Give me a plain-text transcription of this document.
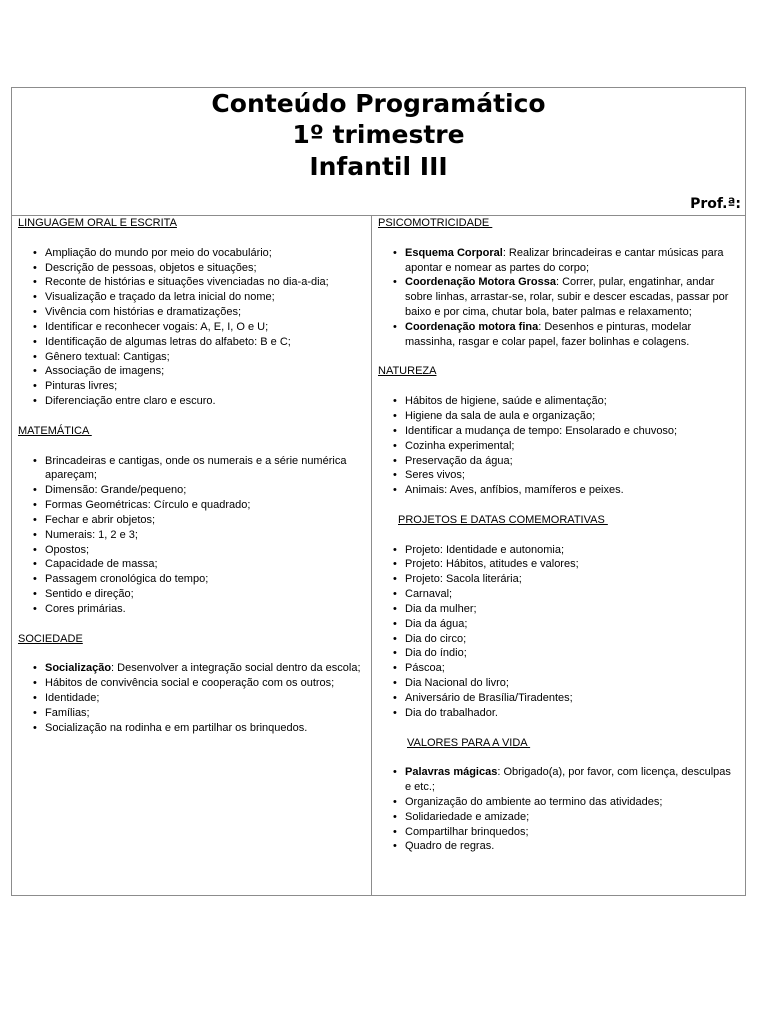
Conteúdo Programático
1º trimestre
Infantil III
Prof.ª:
LINGUAGEM ORAL E ESCRITA
• Ampliação do mundo por meio do vocabulário;
• Descrição de pessoas, objetos e situações;
• Reconte de histórias e situações vivenciadas no dia-a-dia;
• Visualização e traçado da letra inicial do nome;
• Vivência com histórias e dramatizações;
• Identificar e reconhecer vogais: A, E, I, O e U;
• Identificação de algumas letras do alfabeto: B e C;
• Gênero textual: Cantigas;
• Associação de imagens;
• Pinturas livres;
• Diferenciação entre claro e escuro.
MATEMÁTICA
• Brincadeiras e cantigas, onde os numerais e a série numérica apareçam;
• Dimensão: Grande/pequeno;
• Formas Geométricas: Círculo e quadrado;
• Fechar e abrir objetos;
• Numerais: 1, 2 e 3;
• Opostos;
• Capacidade de massa;
• Passagem cronológica do tempo;
• Sentido e direção;
• Cores primárias.
SOCIEDADE
• Socialização: Desenvolver a integração social dentro da escola;
• Hábitos de convivência social e cooperação com os outros;
• Identidade;
• Famílias;
• Socialização na rodinha e em partilhar os brinquedos.
PSICOMOTRICIDADE
• Esquema Corporal: Realizar brincadeiras e cantar músicas para apontar e nomear as partes do corpo;
• Coordenação Motora Grossa: Correr, pular, engatinhar, andar sobre linhas, arrastar-se, rolar, subir e descer escadas, passar por baixo e por cima, chutar bola, bater palmas e relaxamento;
• Coordenação motora fina: Desenhos e pinturas, modelar massinha, rasgar e colar papel, fazer bolinhas e colagens.
NATUREZA
• Hábitos de higiene, saúde e alimentação;
• Higiene da sala de aula e organização;
• Identificar a mudança de tempo: Ensolarado e chuvoso;
• Cozinha experimental;
• Preservação da água;
• Seres vivos;
• Animais: Aves, anfíbios, mamíferos e peixes.
PROJETOS E DATAS COMEMORATIVAS
• Projeto: Identidade e autonomia;
• Projeto: Hábitos, atitudes e valores;
• Projeto: Sacola literária;
• Carnaval;
• Dia da mulher;
• Dia da água;
• Dia do circo;
• Dia do índio;
• Páscoa;
• Dia Nacional do livro;
• Aniversário de Brasília/Tiradentes;
• Dia do trabalhador.
VALORES PARA A VIDA
• Palavras mágicas: Obrigado(a), por favor, com licença, desculpas e etc.;
• Organização do ambiente ao termino das atividades;
• Solidariedade e amizade;
• Compartilhar brinquedos;
• Quadro de regras.
